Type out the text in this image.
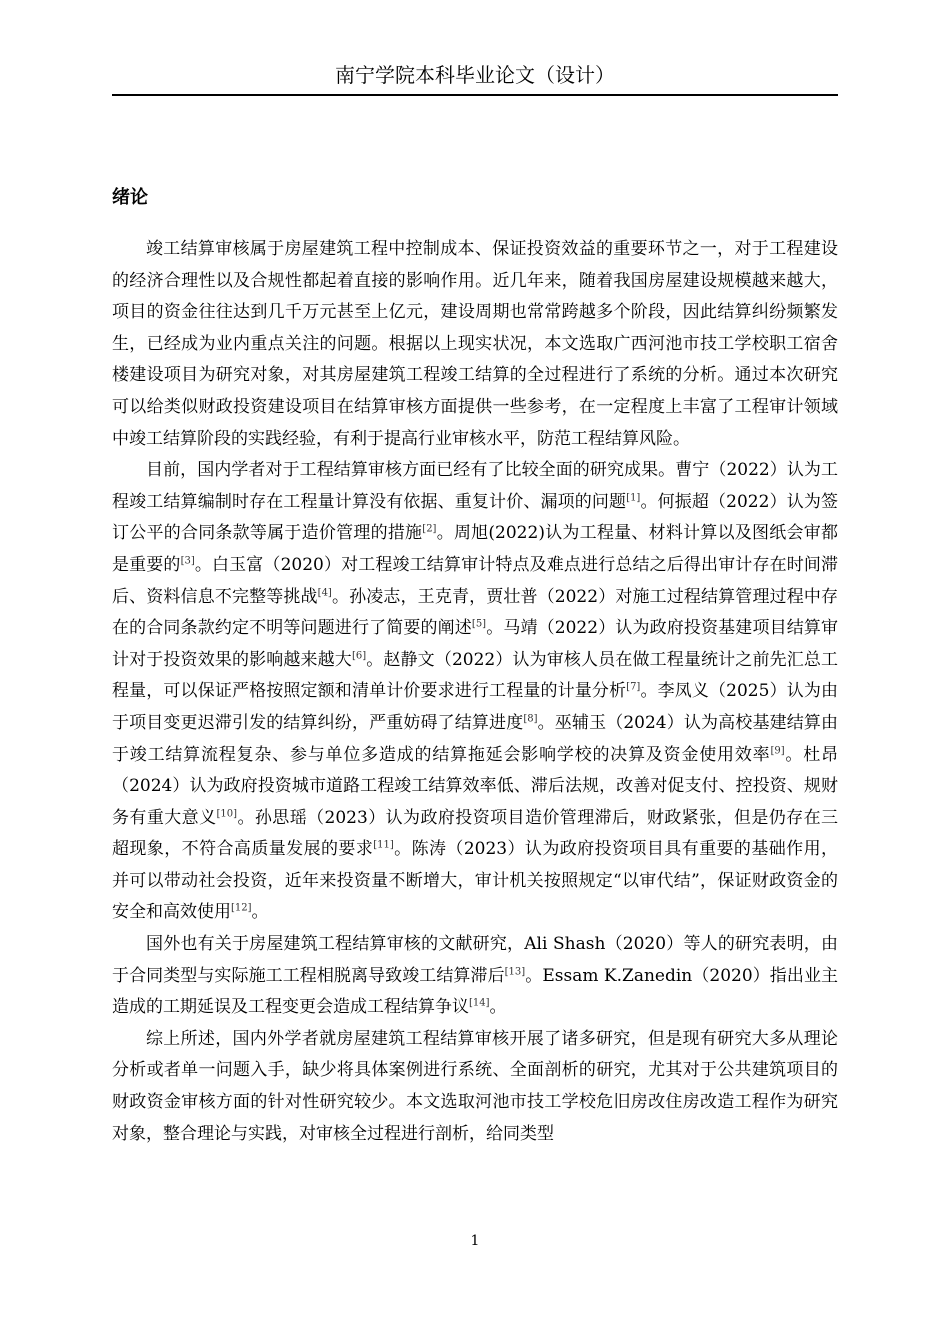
南宁学院本科毕业论文（设计）
绪论

竣工结算审核属于房屋建筑工程中控制成本、保证投资效益的重要环节之一，对于工程建设的经济合理性以及合规性都起着直接的影响作用。近几年来，随着我国房屋建设规模越来越大，项目的资金往往达到几千万元甚至上亿元，建设周期也常常跨越多个阶段，因此结算纠纷频繁发生，已经成为业内重点关注的问题。根据以上现实状况，本文选取广西河池市技工学校职工宿舍楼建设项目为研究对象，对其房屋建筑工程竣工结算的全过程进行了系统的分析。通过本次研究可以给类似财政投资建设项目在结算审核方面提供一些参考，在一定程度上丰富了工程审计领域中竣工结算阶段的实践经验，有利于提高行业审核水平，防范工程结算风险。

目前，国内学者对于工程结算审核方面已经有了比较全面的研究成果。曹宁（2022）认为工程竣工结算编制时存在工程量计算没有依据、重复计价、漏项的问题[1]。何振超（2022）认为签订公平的合同条款等属于造价管理的措施[2]。周旭(2022)认为工程量、材料计算以及图纸会审都是重要的[3]。白玉富（2020）对工程竣工结算审计特点及难点进行总结之后得出审计存在时间滞后、资料信息不完整等挑战[4]。孙凌志，王克青，贾壮普（2022）对施工过程结算管理过程中存在的合同条款约定不明等问题进行了简要的阐述[5]。马靖（2022）认为政府投资基建项目结算审计对于投资效果的影响越来越大[6]。赵静文（2022）认为审核人员在做工程量统计之前先汇总工程量，可以保证严格按照定额和清单计价要求进行工程量的计量分析[7]。李凤义（2025）认为由于项目变更迟滞引发的结算纠纷，严重妨碍了结算进度[8]。巫辅玉（2024）认为高校基建结算由于竣工结算流程复杂、参与单位多造成的结算拖延会影响学校的决算及资金使用效率[9]。杜昂（2024）认为政府投资城市道路工程竣工结算效率低、滞后法规，改善对促支付、控投资、规财务有重大意义[10]。孙思瑶（2023）认为政府投资项目造价管理滞后，财政紧张，但是仍存在三超现象，不符合高质量发展的要求[11]。陈涛（2023）认为政府投资项目具有重要的基础作用，并可以带动社会投资，近年来投资量不断增大，审计机关按照规定“以审代结”，保证财政资金的安全和高效使用[12]。

国外也有关于房屋建筑工程结算审核的文献研究，Ali Shash（2020）等人的研究表明，由于合同类型与实际施工工程相脱离导致竣工结算滞后[13]。Essam K.Zanedin（2020）指出业主造成的工期延误及工程变更会造成工程结算争议[14]。

综上所述，国内外学者就房屋建筑工程结算审核开展了诸多研究，但是现有研究大多从理论分析或者单一问题入手，缺少将具体案例进行系统、全面剖析的研究，尤其对于公共建筑项目的财政资金审核方面的针对性研究较少。本文选取河池市技工学校危旧房改住房改造工程作为研究对象，整合理论与实践，对审核全过程进行剖析，给同类型

1
